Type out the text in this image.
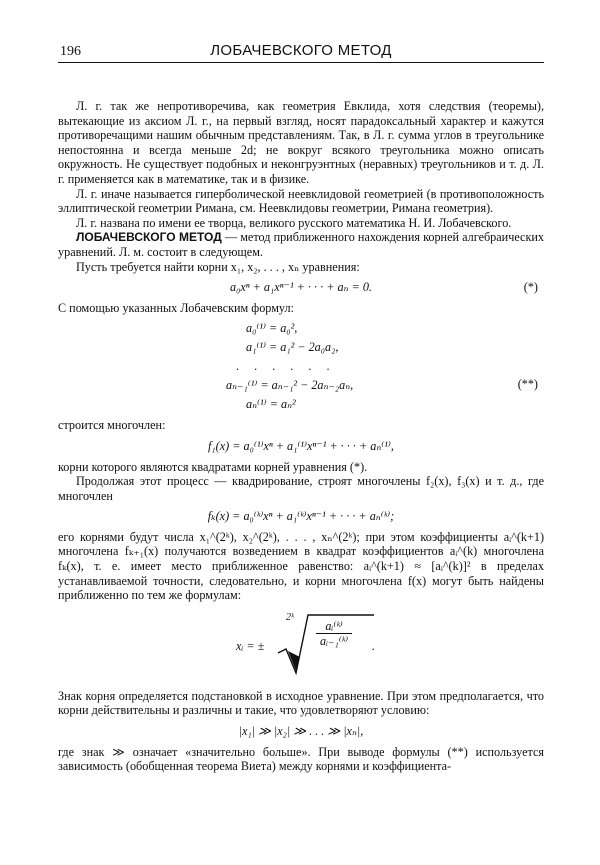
196	ЛОБАЧЕВСКОГО МЕТОД

Л. г. так же непротиворечива, как геометрия Евклида, хотя следствия (теоремы), вытекающие из аксиом Л. г., на первый взгляд, носят парадоксальный характер и кажутся противоречащими нашим обычным представлениям. Так, в Л. г. сумма углов в треугольнике непостоянна и всегда меньше 2d; не вокруг всякого треугольника можно описать окружность. Не существует подобных и неконгруэнтных (неравных) треугольников и т. д. Л. г. применяется как в математике, так и в физике.

Л. г. иначе называется гиперболической неевклидовой геометрией (в противоположность эллиптической геометрии Римана, см. Неевклидовы геометрии, Римана геометрия).

Л. г. названа по имени ее творца, великого русского математика Н. И. Лобачевского.

ЛОБАЧЕВСКОГО МЕТОД — метод приближенного нахождения корней алгебраических уравнений. Л. м. состоит в следующем.

Пусть требуется найти корни x₁, x₂, . . . , xₙ уравнения:

a₀xⁿ + a₁xⁿ⁻¹ + · · · + aₙ = 0.	(*)

С помощью указанных Лобачевским формул:

a₀⁽¹⁾ = a₀²,
a₁⁽¹⁾ = a₁² − 2a₀a₂,
. . . . . .
aₙ₋₁⁽¹⁾ = aₙ₋₁² − 2aₙ₋₂aₙ,
aₙ⁽¹⁾ = aₙ²
(**)

строится многочлен:

f₁(x) = a₀⁽¹⁾xⁿ + a₁⁽¹⁾xⁿ⁻¹ + · · · + aₙ⁽¹⁾,

корни которого являются квадратами корней уравнения (*).

Продолжая этот процесс — квадрирование, строят многочлены f₂(x), f₃(x) и т. д., где многочлен

fₖ(x) = a₀⁽ᵏ⁾xⁿ + a₁⁽ᵏ⁾xⁿ⁻¹ + · · · + aₙ⁽ᵏ⁾;

его корнями будут числа x₁^(2ᵏ), x₂^(2ᵏ), . . . , xₙ^(2ᵏ); при этом коэффициенты aᵢ^(k+1) многочлена fₖ₊₁(x) получаются возведением в квадрат коэффициентов aᵢ^(k) многочлена fₖ(x), т. е. имеет место приближенное равенство: aᵢ^(k+1) ≈ [aᵢ^(k)]² в пределах устанавливаемой точности, следовательно, и корни многочлена f(x) могут быть найдены приближенно по тем же формулам:

xᵢ = ±
2ᵏ
$\frac{\text{aᵢ⁽ᵏ⁾}}{\text{aᵢ₋₁⁽ᵏ⁾}}$ .

Знак корня определяется подстановкой в исходное уравнение. При этом предполагается, что корни действительны и различны и такие, что удовлетворяют условию:

|x₁| ≫ |x₂| ≫ . . . ≫ |xₙ|,

где знак ≫ означает «значительно больше». При выводе формулы (**) используется зависимость (обобщенная теорема Виета) между корнями и коэффициента-
